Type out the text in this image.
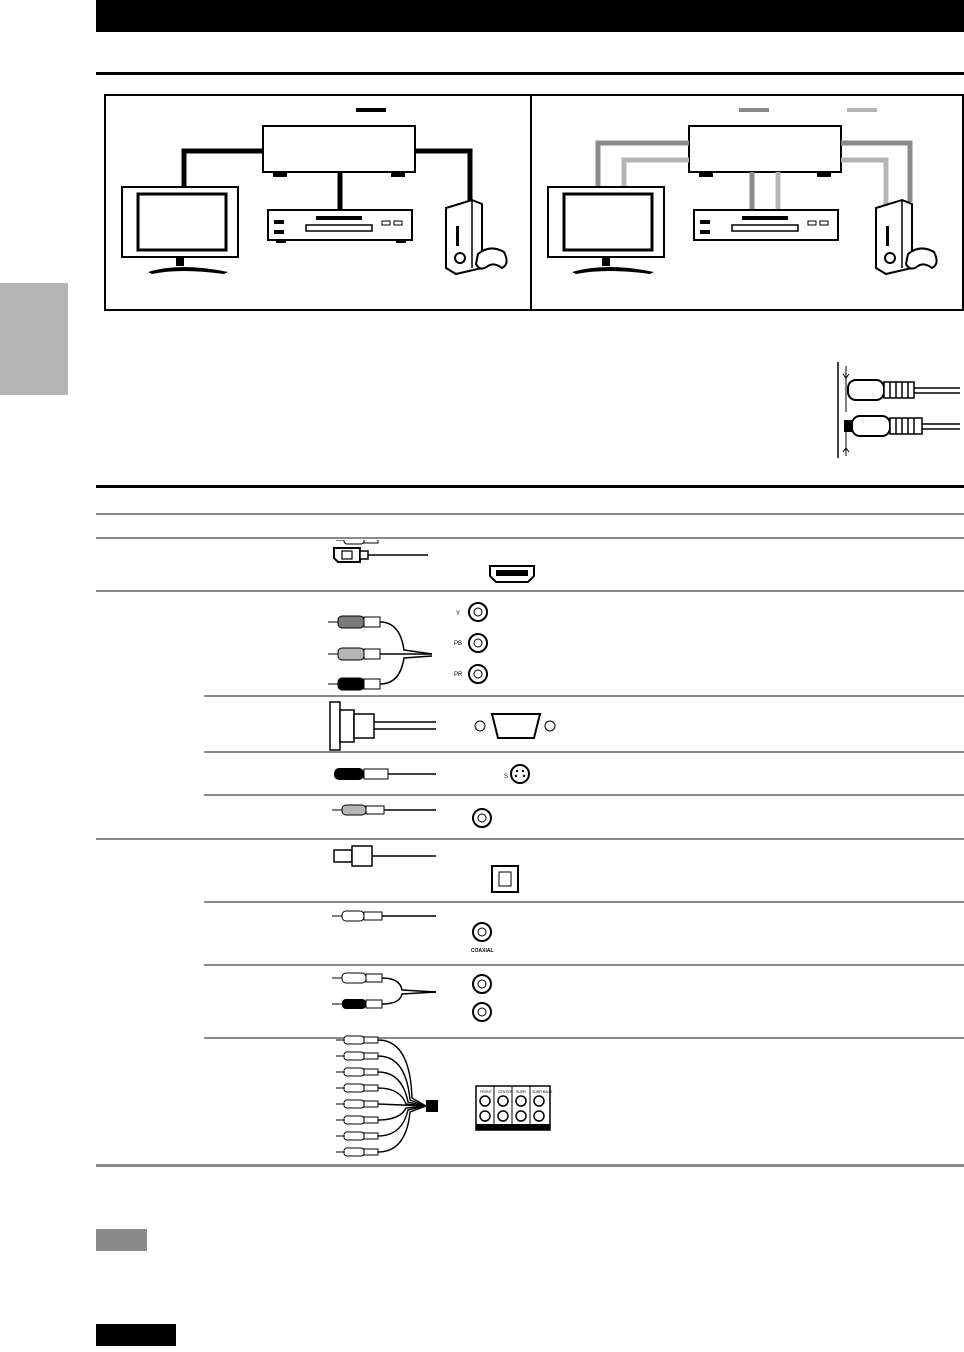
Y
PB
PR
S
COAXIAL
FRONT CENTER SURR SURR BACK
